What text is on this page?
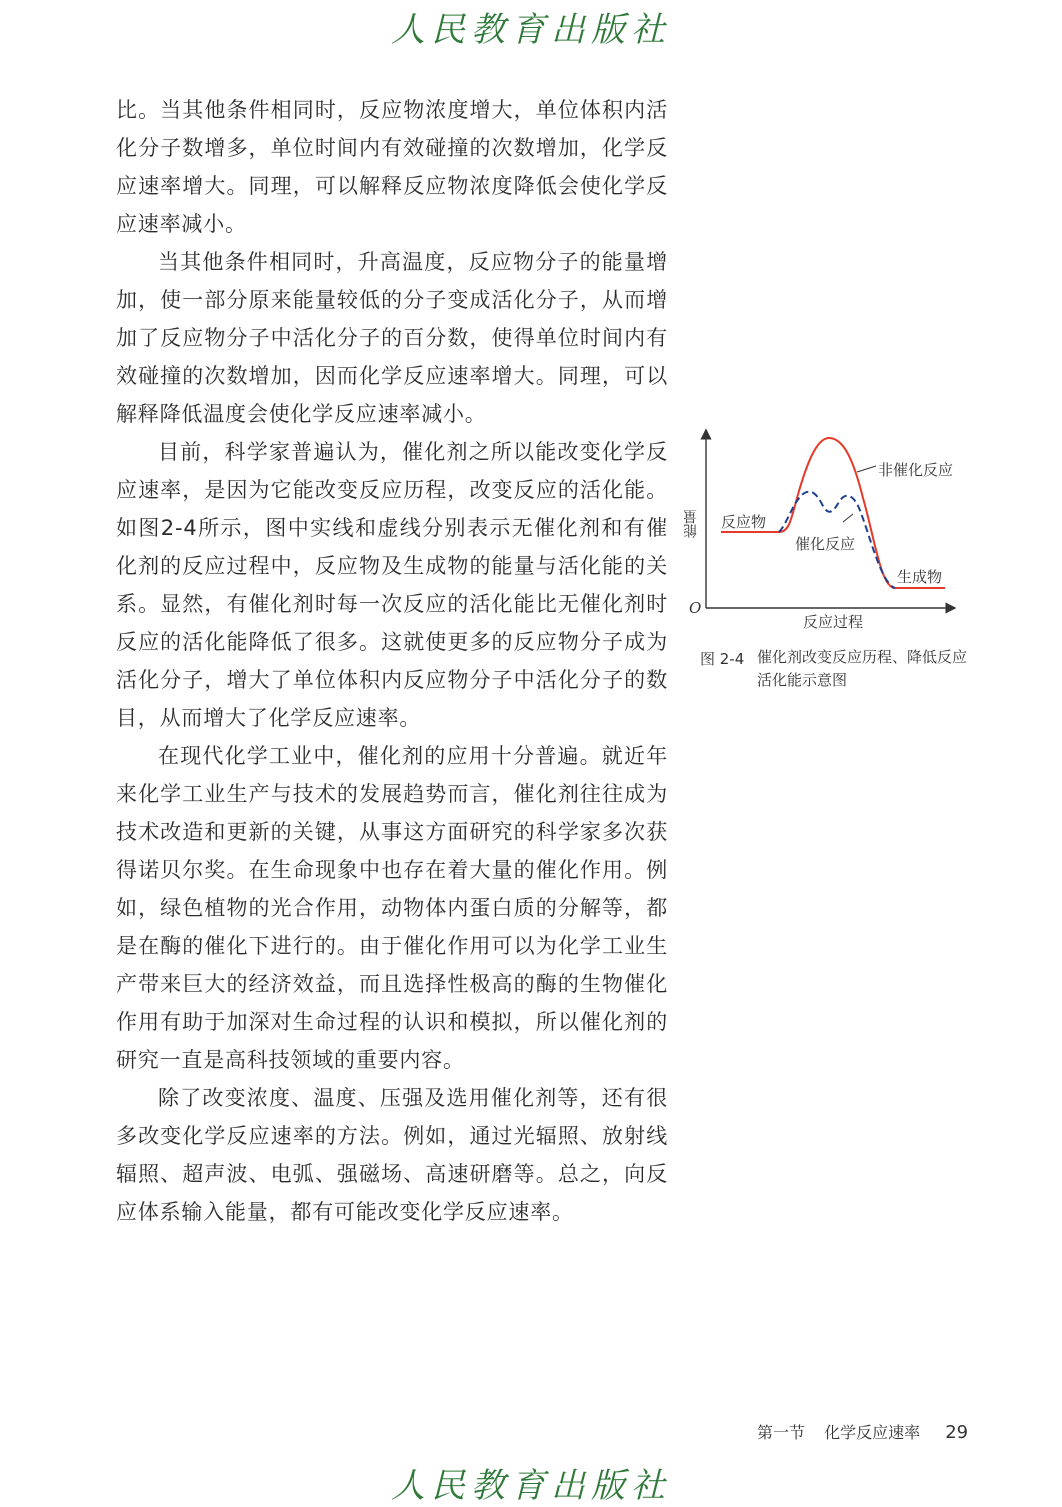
人民教育出版社

比。当其他条件相同时，反应物浓度增大，单位体积内活化分子数增多，单位时间内有效碰撞的次数增加，化学反应速率增大。同理，可以解释反应物浓度降低会使化学反应速率减小。

当其他条件相同时，升高温度，反应物分子的能量增加，使一部分原来能量较低的分子变成活化分子，从而增加了反应物分子中活化分子的百分数，使得单位时间内有效碰撞的次数增加，因而化学反应速率增大。同理，可以解释降低温度会使化学反应速率减小。

目前，科学家普遍认为，催化剂之所以能改变化学反应速率，是因为它能改变反应历程，改变反应的活化能。如图2-4所示，图中实线和虚线分别表示无催化剂和有催化剂的反应过程中，反应物及生成物的能量与活化能的关系。显然，有催化剂时每一次反应的活化能比无催化剂时反应的活化能降低了很多。这就使更多的反应物分子成为活化分子，增大了单位体积内反应物分子中活化分子的数目，从而增大了化学反应速率。

在现代化学工业中，催化剂的应用十分普遍。就近年来化学工业生产与技术的发展趋势而言，催化剂往往成为技术改造和更新的关键，从事这方面研究的科学家多次获得诺贝尔奖。在生命现象中也存在着大量的催化作用。例如，绿色植物的光合作用，动物体内蛋白质的分解等，都是在酶的催化下进行的。由于催化作用可以为化学工业生产带来巨大的经济效益，而且选择性极高的酶的生物催化作用有助于加深对生命过程的认识和模拟，所以催化剂的研究一直是高科技领域的重要内容。

除了改变浓度、温度、压强及选用催化剂等，还有很多改变化学反应速率的方法。例如，通过光辐照、放射线辐照、超声波、电弧、强磁场、高速研磨等。总之，向反应体系输入能量，都有可能改变化学反应速率。

能量
O
反应过程
非催化反应
反应物
催化反应
生成物
图 2-4 催化剂改变反应历程、降低反应活化能示意图
第一节 化学反应速率 29
人民教育出版社
